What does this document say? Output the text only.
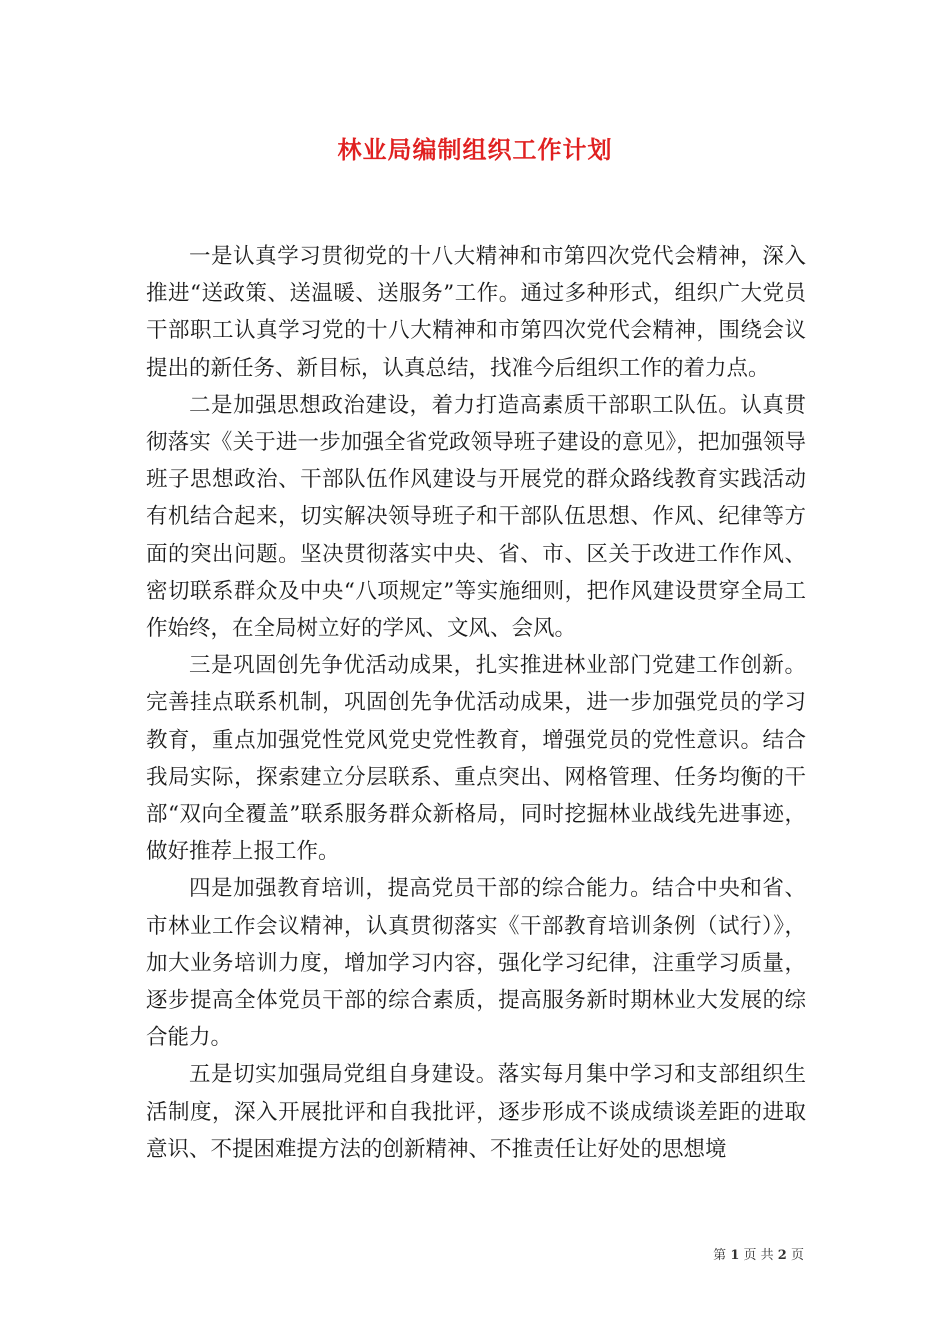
林业局编制组织工作计划

一是认真学习贯彻党的十八大精神和市第四次党代会精神，深入推进“送政策、送温暖、送服务”工作。通过多种形式，组织广大党员干部职工认真学习党的十八大精神和市第四次党代会精神，围绕会议提出的新任务、新目标，认真总结，找准今后组织工作的着力点。

二是加强思想政治建设，着力打造高素质干部职工队伍。认真贯彻落实《关于进一步加强全省党政领导班子建设的意见》，把加强领导班子思想政治、干部队伍作风建设与开展党的群众路线教育实践活动有机结合起来，切实解决领导班子和干部队伍思想、作风、纪律等方面的突出问题。坚决贯彻落实中央、省、市、区关于改进工作作风、密切联系群众及中央“八项规定”等实施细则，把作风建设贯穿全局工作始终，在全局树立好的学风、文风、会风。

三是巩固创先争优活动成果，扎实推进林业部门党建工作创新。完善挂点联系机制，巩固创先争优活动成果，进一步加强党员的学习教育，重点加强党性党风党史党性教育，增强党员的党性意识。结合我局实际，探索建立分层联系、重点突出、网格管理、任务均衡的干部“双向全覆盖”联系服务群众新格局，同时挖掘林业战线先进事迹，做好推荐上报工作。

四是加强教育培训，提高党员干部的综合能力。结合中央和省、市林业工作会议精神，认真贯彻落实《干部教育培训条例（试行）》，加大业务培训力度，增加学习内容，强化学习纪律，注重学习质量，逐步提高全体党员干部的综合素质，提高服务新时期林业大发展的综合能力。

五是切实加强局党组自身建设。落实每月集中学习和支部组织生活制度，深入开展批评和自我批评，逐步形成不谈成绩谈差距的进取意识、不提困难提方法的创新精神、不推责任让好处的思想境

第 1 页 共 2 页
